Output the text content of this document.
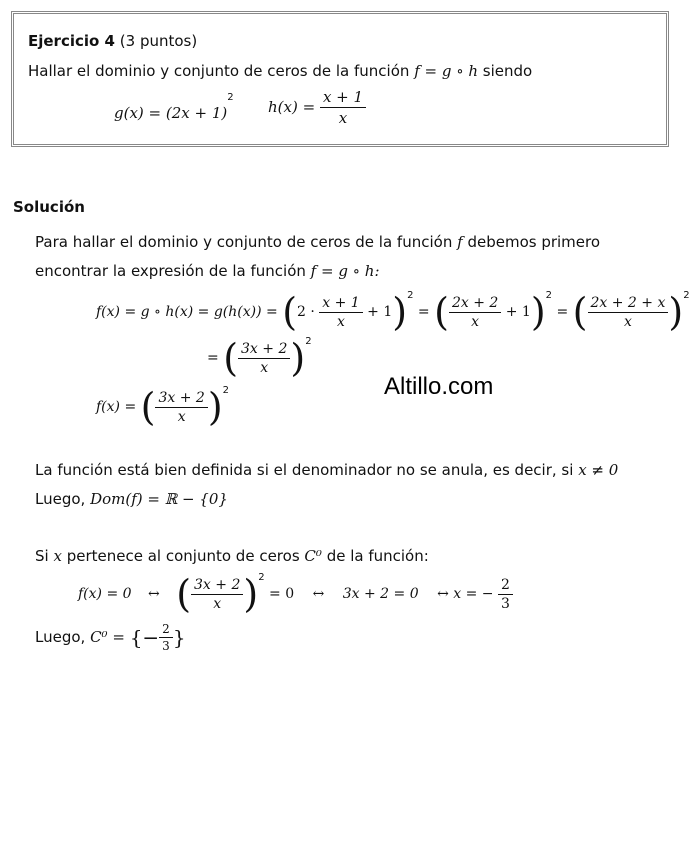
Ejercicio 4 (3 puntos)
Hallar el dominio y conjunto de ceros de la función f = g ∘ h siendo
$g(x) = (2x + 1)^2$
$h(x) = \frac{x + 1}{x}$
Solución
Para hallar el dominio y conjunto de ceros de la función f debemos primero
encontrar la expresión de la función f = g ∘ h:
f(x) = g ∘ $h(x) = g(h(x)) = (2 \cdot \frac{x + 1}{x} + 1)^2$ = ( $\frac{2x + 2}{x} + 1)^2$ = ( $\frac{2x + 2 + x}{x} )^2$
= ( $\frac{3x + 2}{x} )^2$
f(x) = ( $\frac{3x + 2}{x} )^2$	Altillo.com
La función está bien definida si el denominador no se anula, es decir, si x ≠ 0
Luego, Dom(f) = ℝ − {0}
Si x pertenece al conjunto de ceros C⁰ de la función:
f(x) = 0 ↔ ( $\frac{3x + 2}{x} )^2 = 0$ ↔ 3x + 2 = 0 ↔ x = − $\frac{2}{3}$
Luego, C⁰ = {− $\frac{2}{3}$ }
